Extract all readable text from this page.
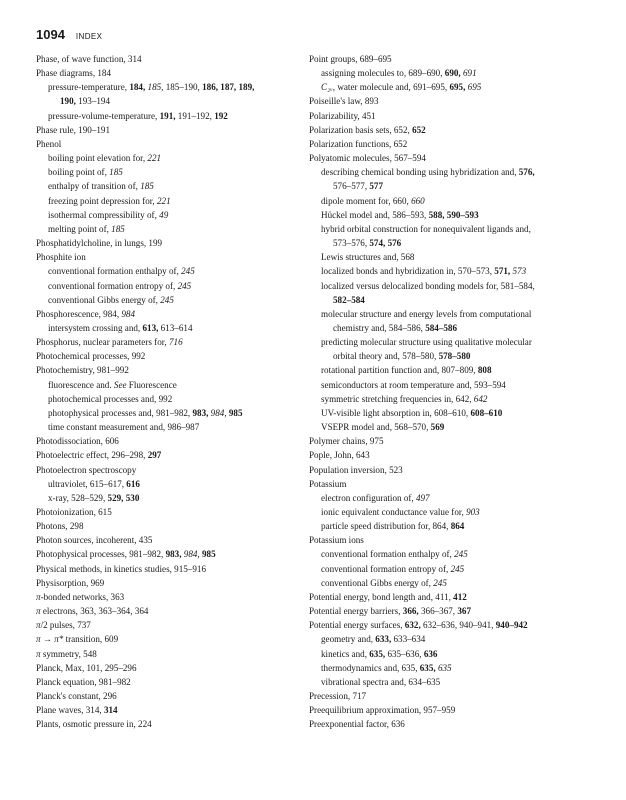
1094 INDEX
Phase, of wave function, 314
Phase diagrams, 184
pressure-temperature, 184, 185, 185–190, 186, 187, 189,
190, 193–194
pressure-volume-temperature, 191, 191–192, 192
Phase rule, 190–191
Phenol
boiling point elevation for, 221
boiling point of, 185
enthalpy of transition of, 185
freezing point depression for, 221
isothermal compressibility of, 49
melting point of, 185
Phosphatidylcholine, in lungs, 199
Phosphite ion
conventional formation enthalpy of, 245
conventional formation entropy of, 245
conventional Gibbs energy of, 245
Phosphorescence, 984, 984
intersystem crossing and, 613, 613–614
Phosphorus, nuclear parameters for, 716
Photochemical processes, 992
Photochemistry, 981–992
fluorescence and. See Fluorescence
photochemical processes and, 992
photophysical processes and, 981–982, 983, 984, 985
time constant measurement and, 986–987
Photodissociation, 606
Photoelectric effect, 296–298, 297
Photoelectron spectroscopy
ultraviolet, 615–617, 616
x-ray, 528–529, 529, 530
Photoionization, 615
Photons, 298
Photon sources, incoherent, 435
Photophysical processes, 981–982, 983, 984, 985
Physical methods, in kinetics studies, 915–916
Physisorption, 969
π-bonded networks, 363
π electrons, 363, 363–364, 364
π/2 pulses, 737
π → π* transition, 609
π symmetry, 548
Planck, Max, 101, 295–296
Planck equation, 981–982
Planck's constant, 296
Plane waves, 314, 314
Plants, osmotic pressure in, 224
Point groups, 689–695
assigning molecules to, 689–690, 690, 691
C₂ᵥ, water molecule and, 691–695, 695, 695
Poiseille's law, 893
Polarizability, 451
Polarization basis sets, 652, 652
Polarization functions, 652
Polyatomic molecules, 567–594
describing chemical bonding using hybridization and, 576,
576–577, 577
dipole moment for, 660, 660
Hückel model and, 586–593, 588, 590–593
hybrid orbital construction for nonequivalent ligands and,
573–576, 574, 576
Lewis structures and, 568
localized bonds and hybridization in, 570–573, 571, 573
localized versus delocalized bonding models for, 581–584,
582–584
molecular structure and energy levels from computational
chemistry and, 584–586, 584–586
predicting molecular structure using qualitative molecular
orbital theory and, 578–580, 578–580
rotational partition function and, 807–809, 808
semiconductors at room temperature and, 593–594
symmetric stretching frequencies in, 642, 642
UV-visible light absorption in, 608–610, 608–610
VSEPR model and, 568–570, 569
Polymer chains, 975
Pople, John, 643
Population inversion, 523
Potassium
electron configuration of, 497
ionic equivalent conductance value for, 903
particle speed distribution for, 864, 864
Potassium ions
conventional formation enthalpy of, 245
conventional formation entropy of, 245
conventional Gibbs energy of, 245
Potential energy, bond length and, 411, 412
Potential energy barriers, 366, 366–367, 367
Potential energy surfaces, 632, 632–636, 940–941, 940–942
geometry and, 633, 633–634
kinetics and, 635, 635–636, 636
thermodynamics and, 635, 635, 635
vibrational spectra and, 634–635
Precession, 717
Preequilibrium approximation, 957–959
Preexponential factor, 636
